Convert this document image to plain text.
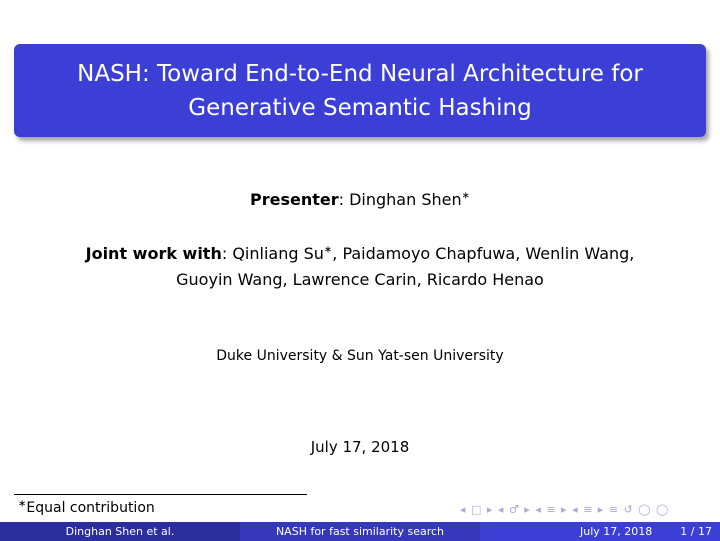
NASH: Toward End-to-End Neural Architecture for
Generative Semantic Hashing
Presenter: Dinghan Shen∗
Joint work with: Qinliang Su∗, Paidamoyo Chapfuwa, Wenlin Wang,
Guoyin Wang, Lawrence Carin, Ricardo Henao
Duke University & Sun Yat-sen University
July 17, 2018
∗Equal contribution	◂ □ ▸ ◂ ♂ ▸ ◂ ≡ ▸ ◂ ≡ ▸ ≡ ↺ ◯ ◯
Dinghan Shen et al.	NASH for fast similarity search	July 17, 2018	1 / 17
